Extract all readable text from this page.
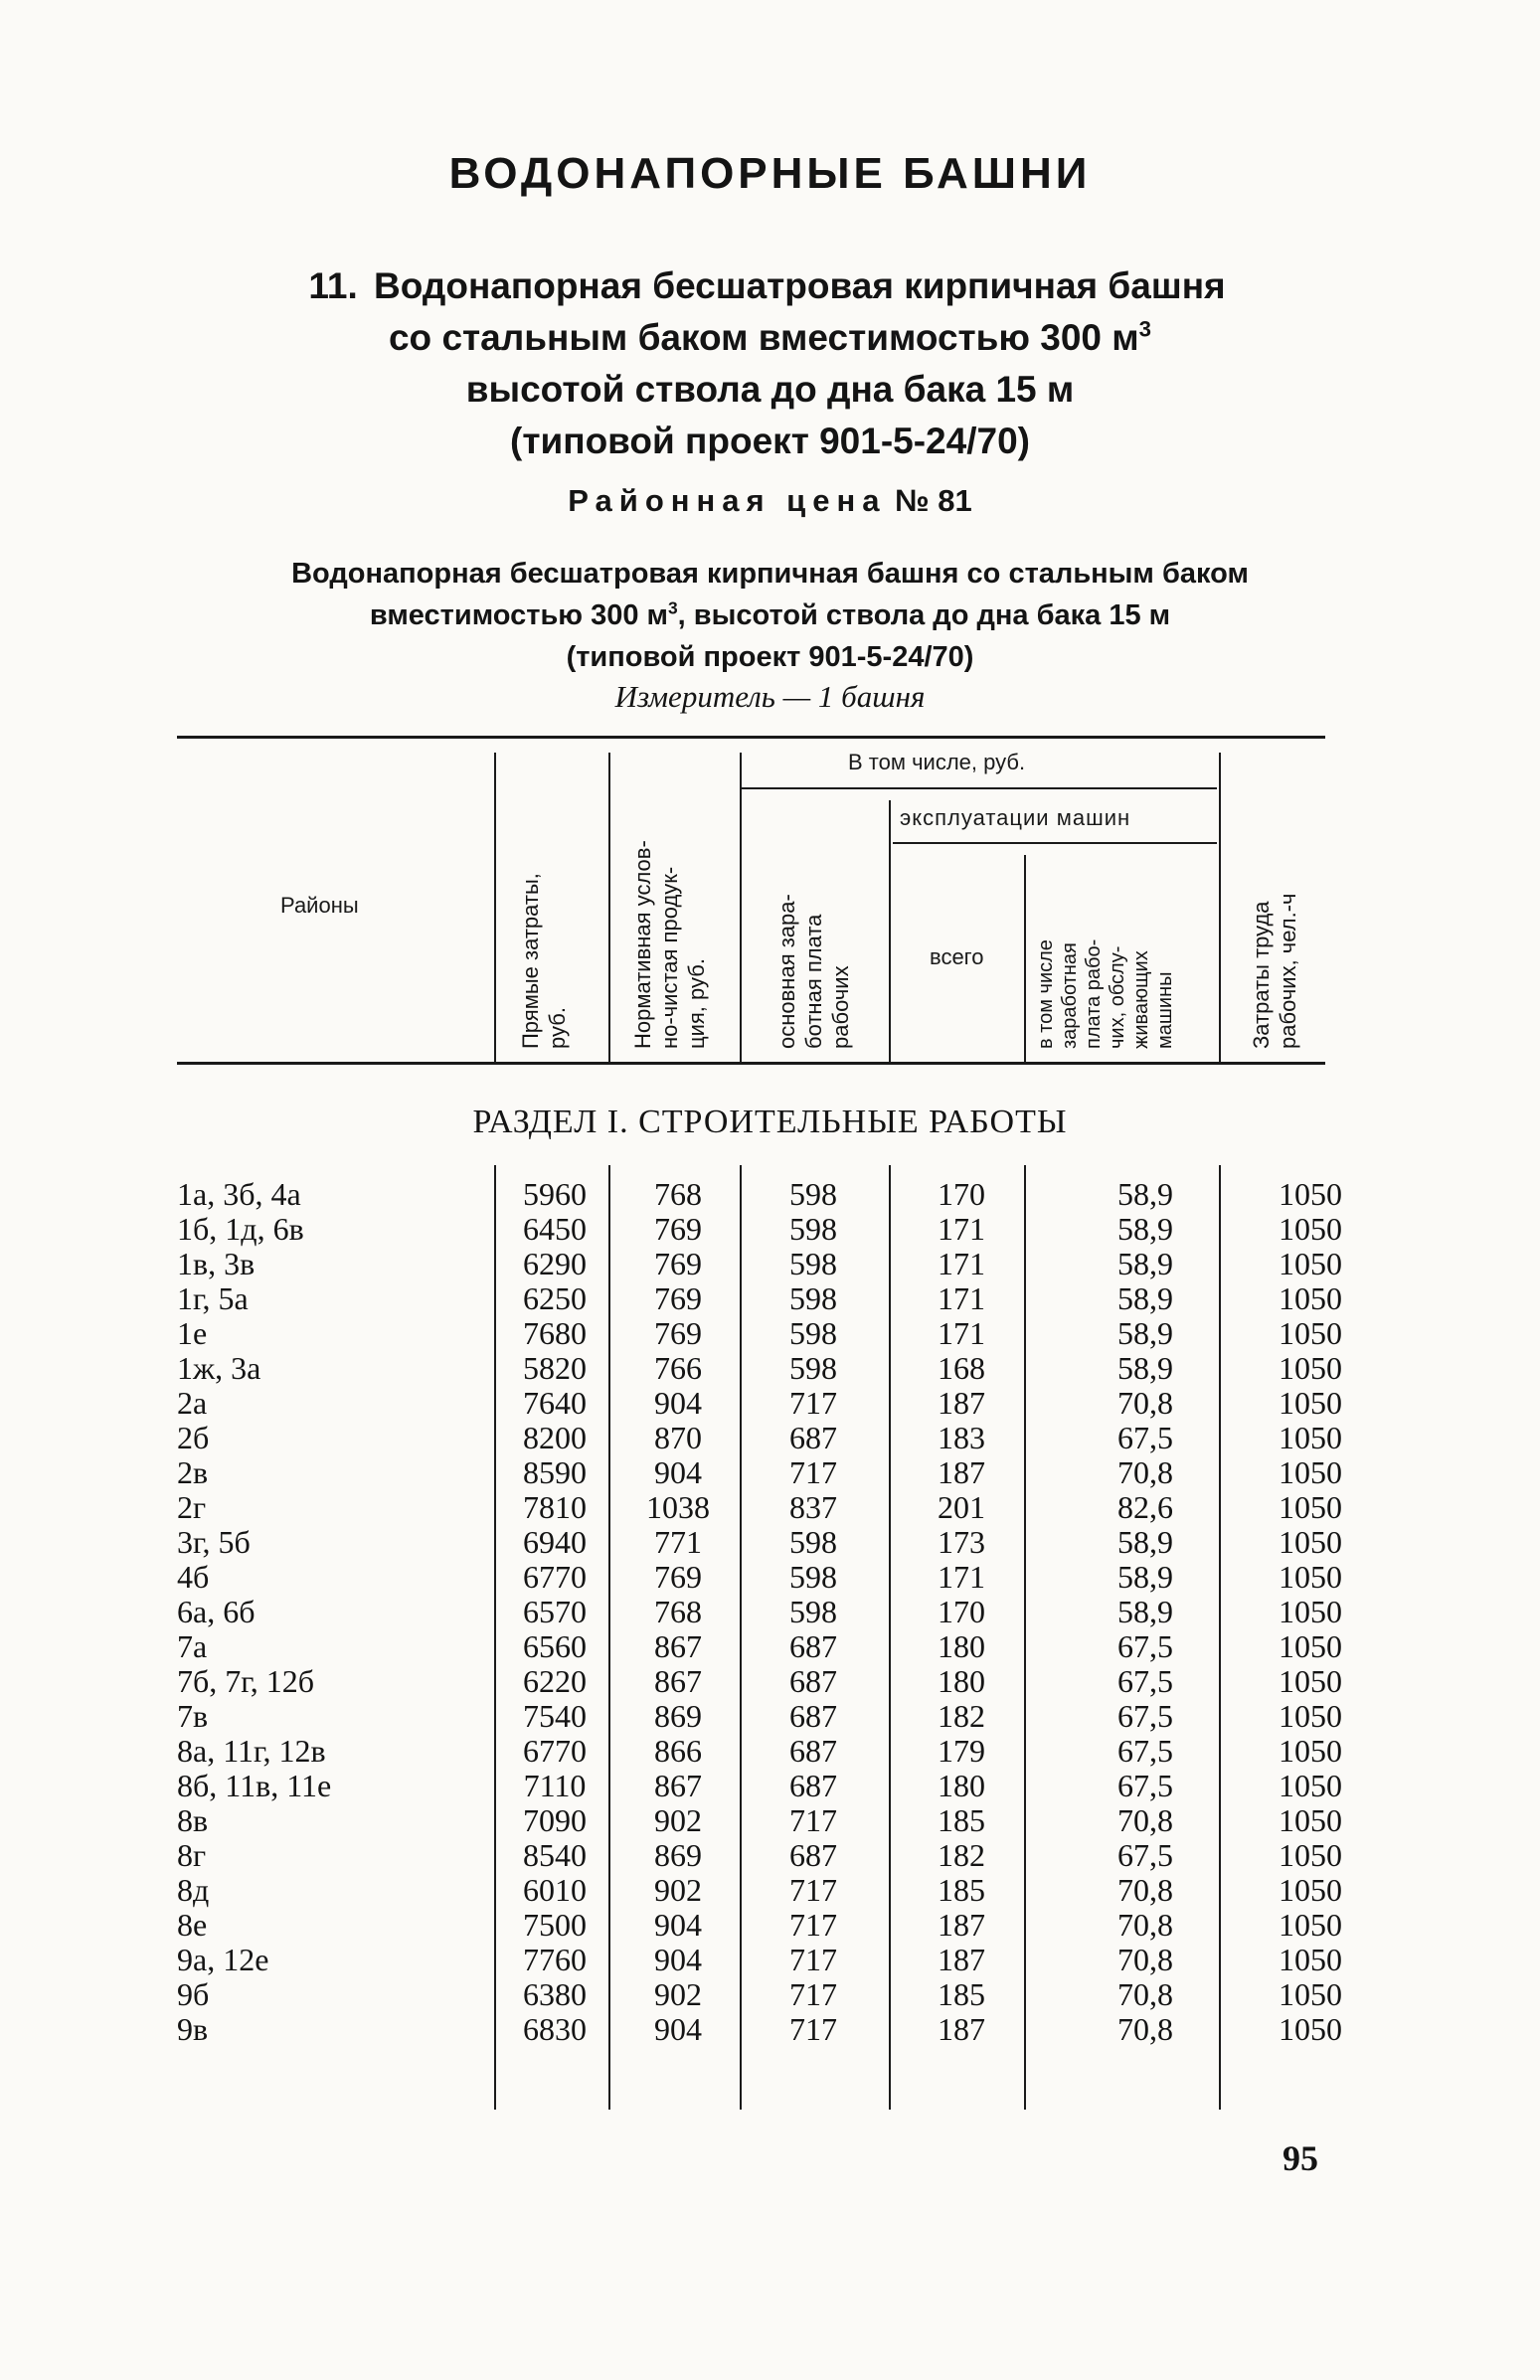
ВОДОНАПОРНЫЕ БАШНИ
11. Водонапорная бесшатровая кирпичная башня
со стальным баком вместимостью 300 $м^3$
высотой ствола до дна бака 15 м
(типовой проект 901-5-24/70)
Районная цена № 81
Водонапорная бесшатровая кирпичная башня со стальным баком
вместимостью 300 $м^3$, высотой ствола до дна бака 15 м
(типовой проект 901-5-24/70)
Измеритель — 1 башня
Районы
Прямые затраты,
руб.	Нормативная услов-
но-чистая продук-
ция, руб.
В том числе, руб.
основная зара-
ботная плата
рабочих
эксплуатации машин
всего
в том числе
заработная
плата рабо-
чих, обслу-
живающих
машины	Затраты труда
рабочих, чел.-ч
РАЗДЕЛ I. СТРОИТЕЛЬНЫЕ РАБОТЫ
1а, 3б, 4а	5960	768	598	170	58,9	1050
1б, 1д, 6в	6450	769	598	171	58,9	1050
1в, 3в	6290	769	598	171	58,9	1050
1г, 5а	6250	769	598	171	58,9	1050
1е	7680	769	598	171	58,9	1050
1ж, 3а	5820	766	598	168	58,9	1050
2а	7640	904	717	187	70,8	1050
2б	8200	870	687	183	67,5	1050
2в	8590	904	717	187	70,8	1050
2г	7810	1038	837	201	82,6	1050
3г, 5б	6940	771	598	173	58,9	1050
4б	6770	769	598	171	58,9	1050
6а, 6б	6570	768	598	170	58,9	1050
7а	6560	867	687	180	67,5	1050
7б, 7г, 12б	6220	867	687	180	67,5	1050
7в	7540	869	687	182	67,5	1050
8а, 11г, 12в	6770	866	687	179	67,5	1050
8б, 11в, 11е	7110	867	687	180	67,5	1050
8в	7090	902	717	185	70,8	1050
8г	8540	869	687	182	67,5	1050
8д	6010	902	717	185	70,8	1050
8е	7500	904	717	187	70,8	1050
9а, 12е	7760	904	717	187	70,8	1050
9б	6380	902	717	185	70,8	1050
9в	6830	904	717	187	70,8	1050
95
